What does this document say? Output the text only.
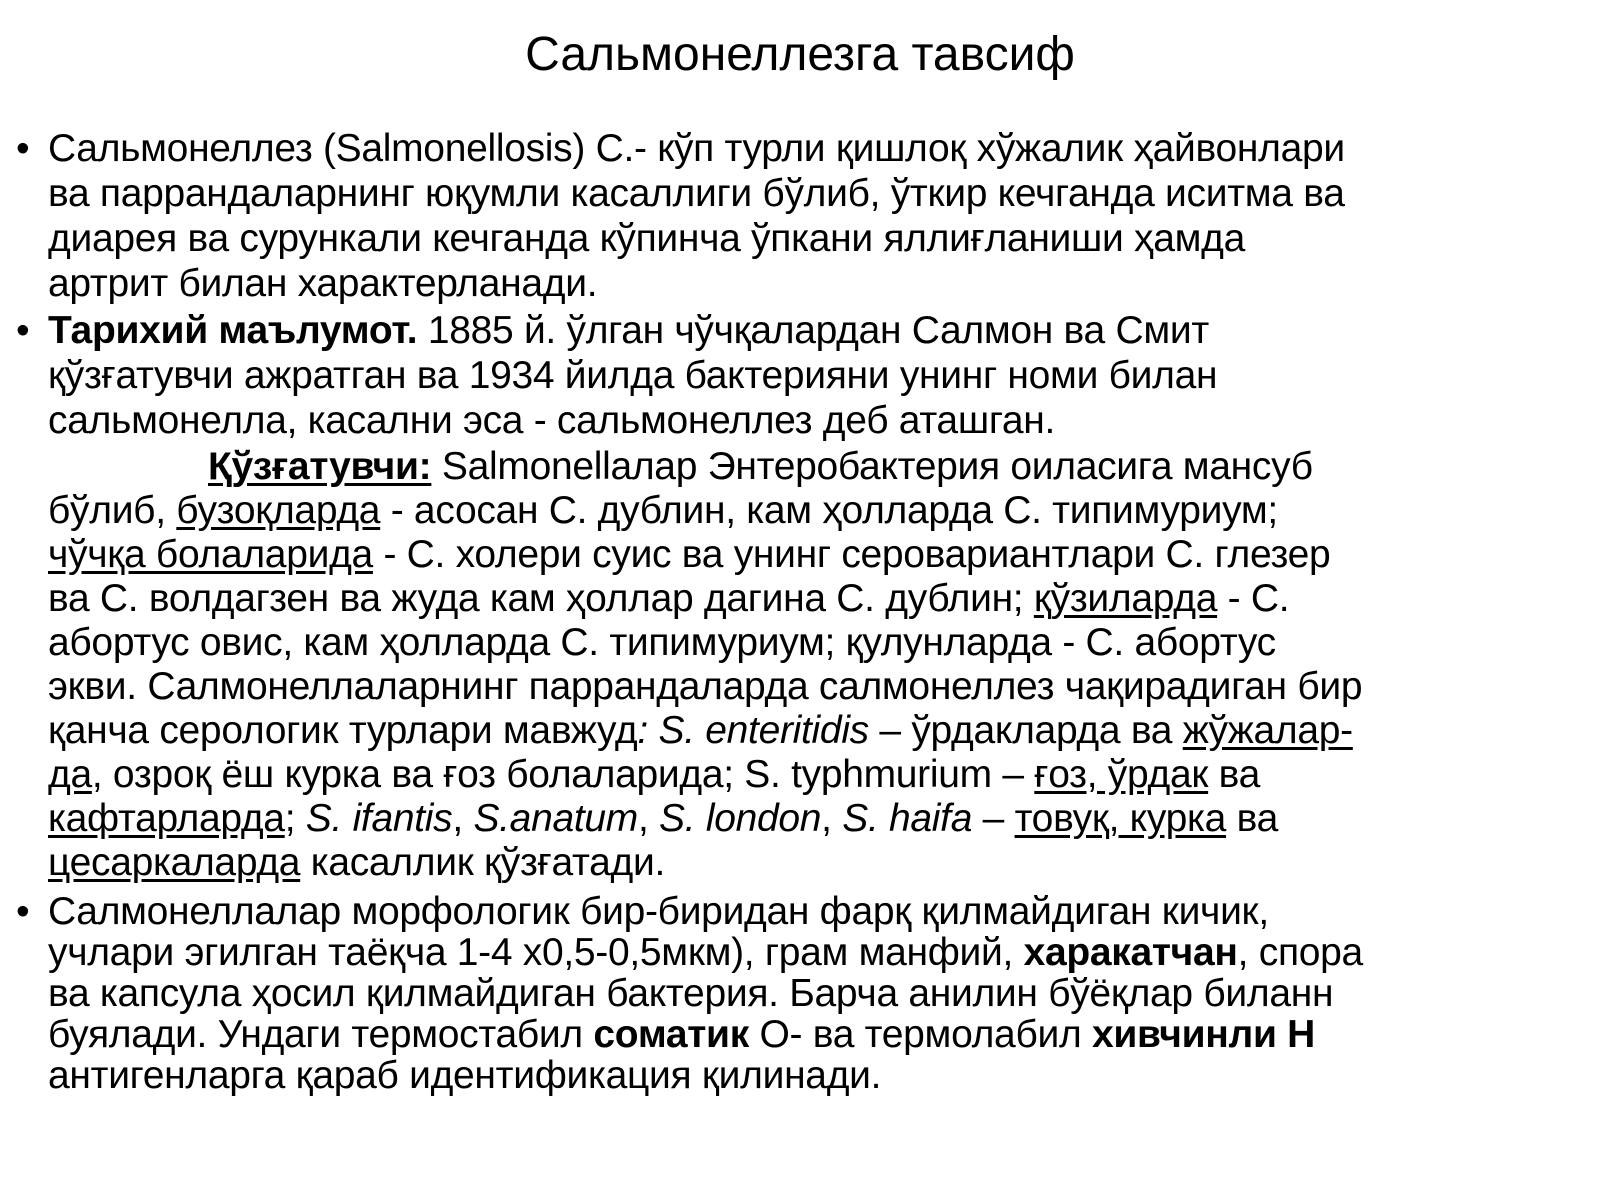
Сальмонеллезга тавсиф

• Сальмонеллез (Salmonellosis) С.- кўп турли қишлоқ хўжалик ҳайвонлари
ва паррандаларнинг юқумли касаллиги бўлиб, ўткир кечганда иситма ва
диарея ва сурункали кечганда кўпинча ўпкани яллиғланиши ҳамда
артрит билан характерланади.

• Тарихий маълумот. 1885 й. ўлган чўчқалардан Салмон ва Смит
қўзғатувчи ажратган ва 1934 йилда бактерияни унинг номи билан
сальмонелла, касални эса - сальмонеллез деб аташган.

Қўзғатувчи: Salmonellалар Энтеробактерия оиласига мансуб
бўлиб, бузоқларда - асосан С. дублин, кам ҳолларда С. типимуриум;
чўчқа болаларида - С. холери суис ва унинг серовариантлари С. глезер
ва С. волдагзен ва жуда кам ҳоллар дагина С. дублин; қўзиларда - С.
абортус овис, кам ҳолларда С. типимуриум; қулунларда - С. абортус
экви. Салмонеллаларнинг паррандаларда салмонеллез чақирадиган бир
қанча серологик турлари мавжуд: S. enteritidis – ўрдакларда ва жўжалар-
да, озроқ ёш курка ва ғоз болаларида; S. typhmurium – ғоз, ўрдак ва
кафтарларда; S. ifantis, S.anatum, S. london, S. haifa – товуқ, курка ва
цесаркаларда касаллик қўзғатади.

• Салмонеллалар морфологик бир-биридан фарқ қилмайдиган кичик,
учлари эгилган таёқча 1-4 х0,5-0,5мкм), грам манфий, харакатчан, спора
ва капсула ҳосил қилмайдиган бактерия. Барча анилин бўёқлар биланн
буялади. Ундаги термостабил соматик О- ва термолабил хивчинли Н
антигенларга қараб идентификация қилинади.
